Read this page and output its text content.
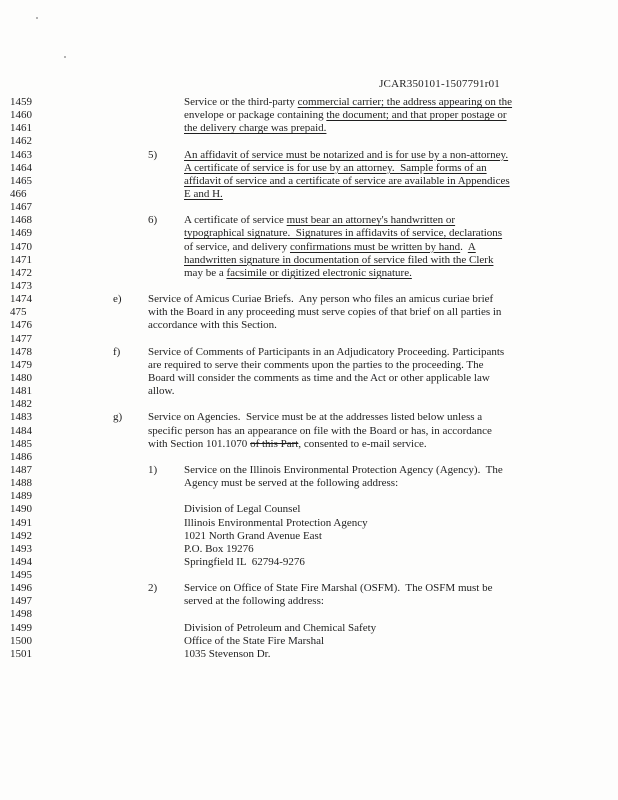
JCAR350101-1507791r01
1459	Service or the third-party commercial carrier; the address appearing on the
1460	envelope or package containing the document; and that proper postage or
1461	the delivery charge was prepaid.
1462
1463	5) An affidavit of service must be notarized and is for use by a non-attorney.
1464	A certificate of service is for use by an attorney.  Sample forms of an
1465	affidavit of service and a certificate of service are available in Appendices
466	E and H.
1467
1468	6) A certificate of service must bear an attorney's handwritten or
1469	typographical signature.  Signatures in affidavits of service, declarations
1470	of service, and delivery confirmations must be written by hand.  A
1471	handwritten signature in documentation of service filed with the Clerk
1472	may be a facsimile or digitized electronic signature.
1473
1474	e) Service of Amicus Curiae Briefs.  Any person who files an amicus curiae brief
475	with the Board in any proceeding must serve copies of that brief on all parties in
1476	accordance with this Section.
1477
1478	f)	Service of Comments of Participants in an Adjudicatory Proceeding. Participants
1479	are required to serve their comments upon the parties to the proceeding. The
1480	Board will consider the comments as time and the Act or other applicable law
1481	allow.
1482
1483	g) Service on Agencies.  Service must be at the addresses listed below unless a
1484	specific person has an appearance on file with the Board or has, in accordance
1485	with Section 101.1070 of this Part, consented to e-mail service.
1486
1487	1) Service on the Illinois Environmental Protection Agency (Agency).  The
1488	Agency must be served at the following address:
1489
1490	Division of Legal Counsel
1491	Illinois Environmental Protection Agency
1492	1021 North Grand Avenue East
1493	P.O. Box 19276
1494	Springfield IL  62794-9276
1495
1496	2) Service on Office of State Fire Marshal (OSFM).  The OSFM must be
1497	served at the following address:
1498
1499	Division of Petroleum and Chemical Safety
1500	Office of the State Fire Marshal
1501	1035 Stevenson Dr.
